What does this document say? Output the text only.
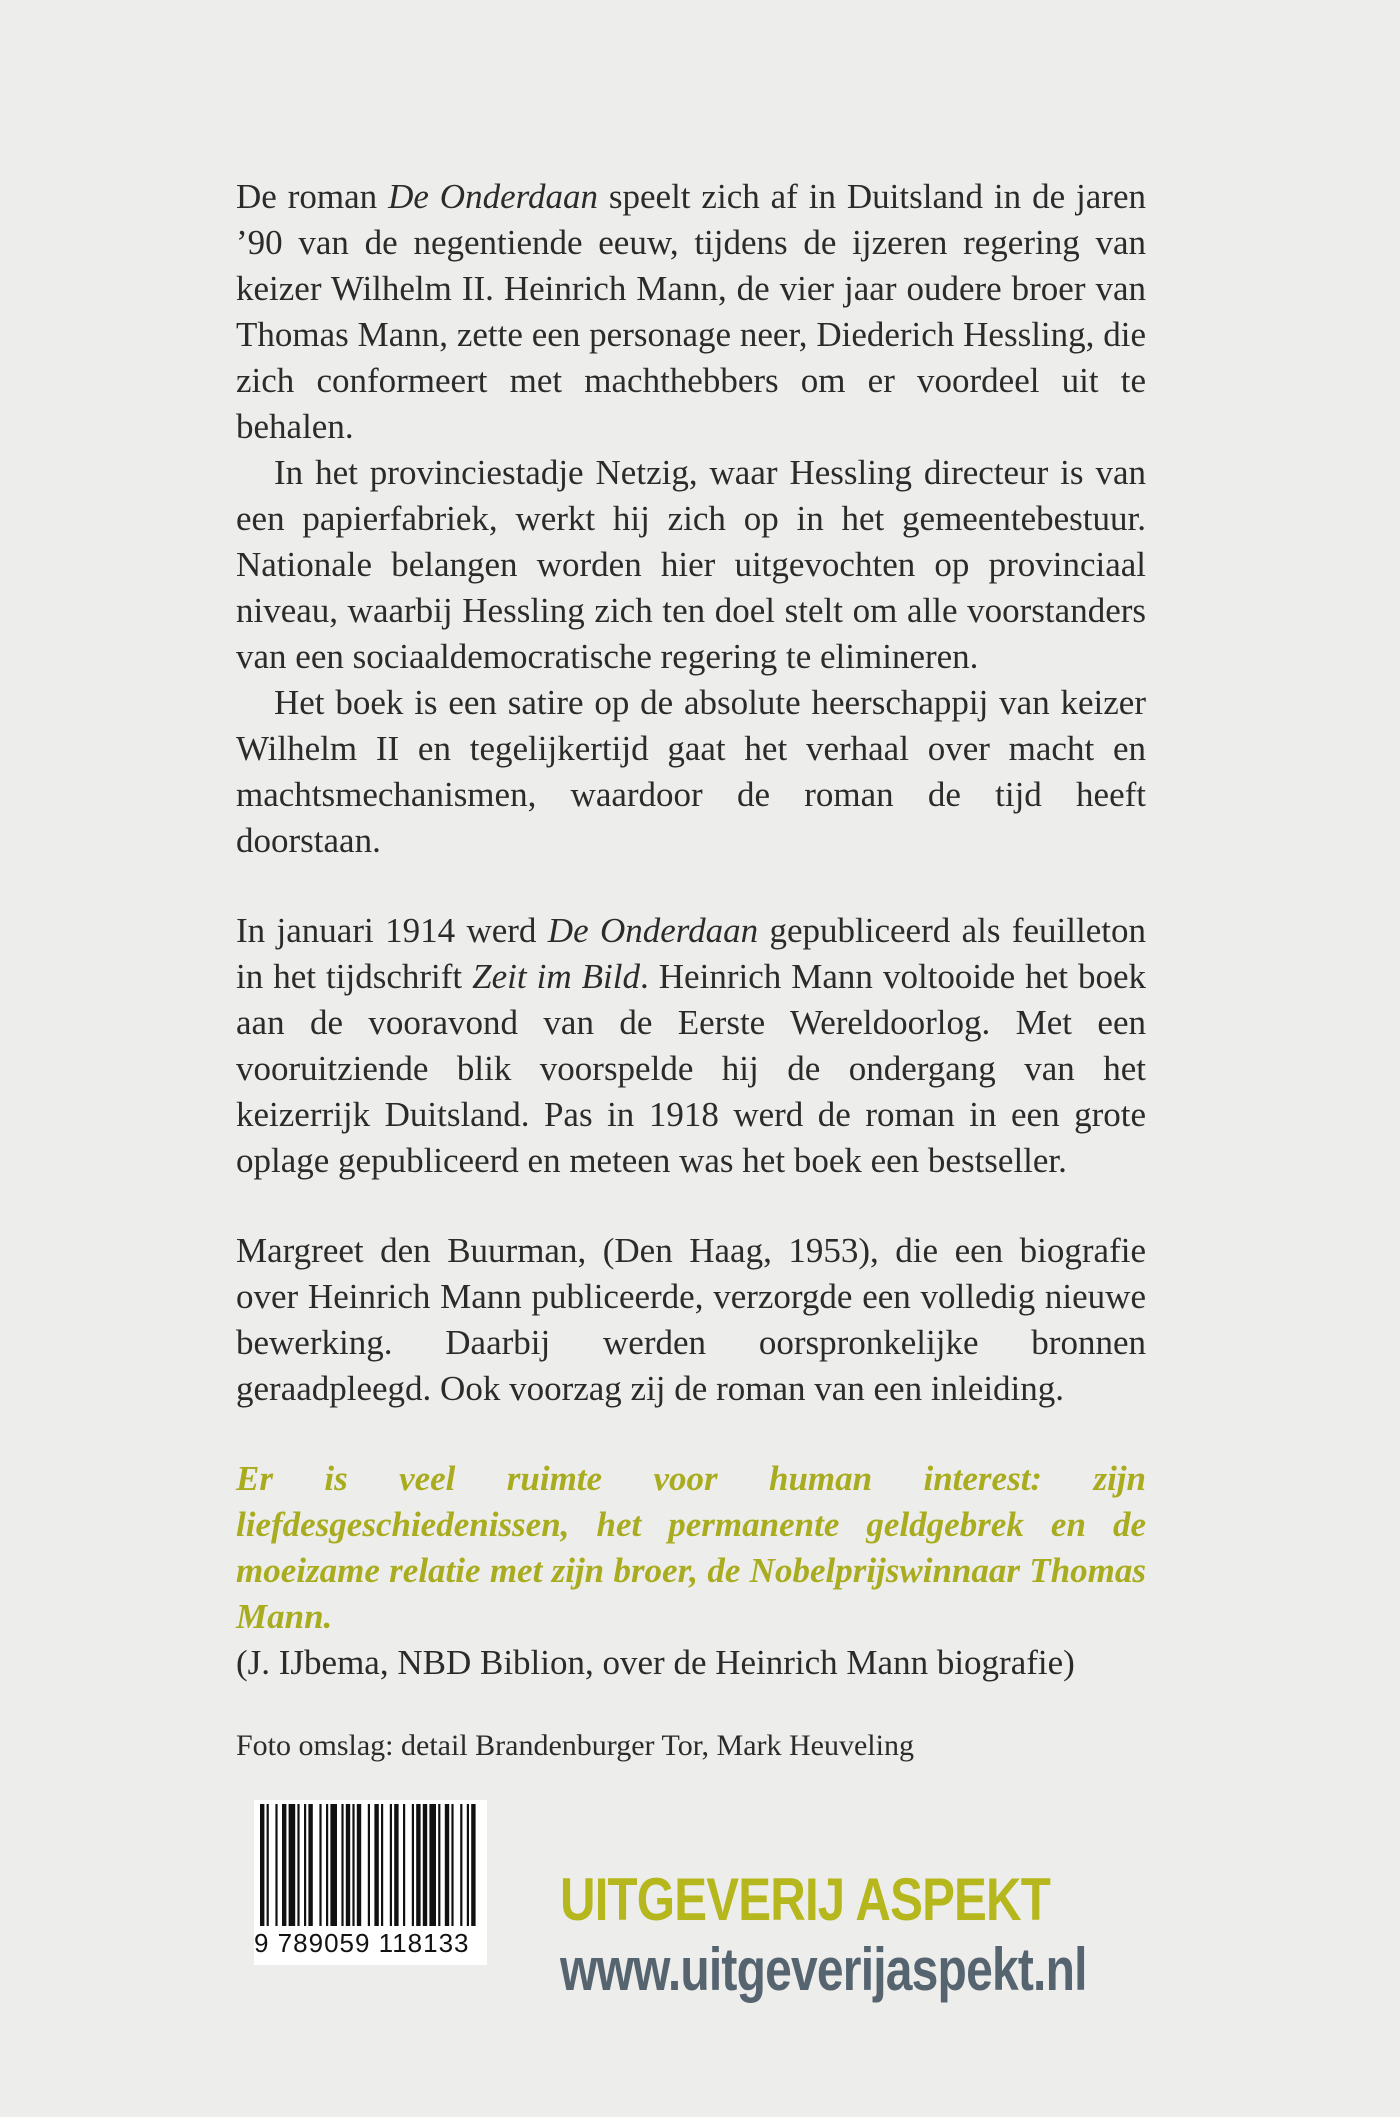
De roman De Onderdaan speelt zich af in Duitsland in de jaren ’90 van de negentiende eeuw, tijdens de ijzeren regering van keizer Wilhelm II. Heinrich Mann, de vier jaar oudere broer van Thomas Mann, zette een personage neer, Diederich Hessling, die zich conformeert met machthebbers om er voordeel uit te behalen.

In het provinciestadje Netzig, waar Hessling directeur is van een papierfabriek, werkt hij zich op in het gemeentebestuur. Nationale belangen worden hier uitgevochten op provinciaal niveau, waarbij Hessling zich ten doel stelt om alle voorstanders van een sociaaldemocratische regering te elimineren.

Het boek is een satire op de absolute heerschappij van keizer Wilhelm II en tegelijkertijd gaat het verhaal over macht en machtsmechanismen, waardoor de roman de tijd heeft doorstaan.

In januari 1914 werd De Onderdaan gepubliceerd als feuilleton in het tijdschrift Zeit im Bild. Heinrich Mann voltooide het boek aan de vooravond van de Eerste Wereldoorlog. Met een vooruitziende blik voorspelde hij de ondergang van het keizerrijk Duitsland. Pas in 1918 werd de roman in een grote oplage gepubliceerd en meteen was het boek een bestseller.

Margreet den Buurman, (Den Haag, 1953), die een biografie over Heinrich Mann publiceerde, verzorgde een volledig nieuwe bewerking. Daarbij werden oorspronkelijke bronnen geraadpleegd. Ook voorzag zij de roman van een inleiding.

Er is veel ruimte voor human interest: zijn liefdesgeschiedenissen, het permanente geldgebrek en de moeizame relatie met zijn broer, de Nobelprijswinnaar Thomas Mann.

(J. IJbema, NBD Biblion, over de Heinrich Mann biografie)

Foto omslag: detail Brandenburger Tor, Mark Heuveling

9 789059 118133
UITGEVERIJ ASPEKT
www.uitgeverijaspekt.nl
